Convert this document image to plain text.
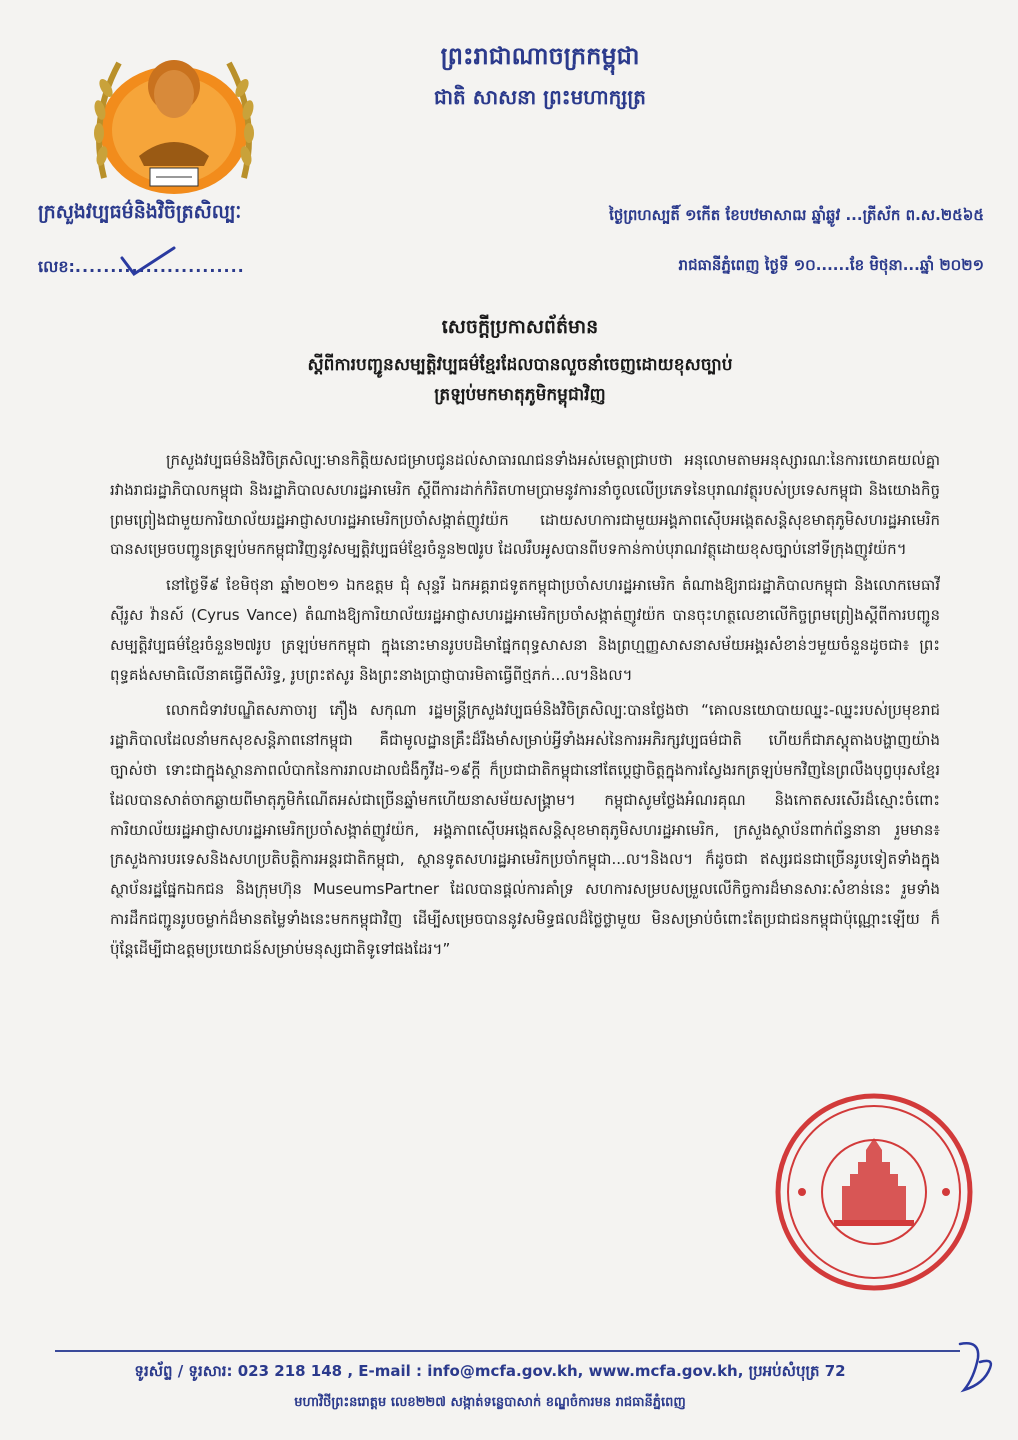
ព្រះរាជាណាចក្រកម្ពុជា
ជាតិ សាសនា ព្រះមហាក្សត្រ
ក្រសួងវប្បធម៌និងវិចិត្រសិល្បៈ
លេខ:........................
ថ្ងៃព្រហស្បតិ៍ ១កើត ខែបឋមាសាឍ ឆ្នាំឆ្លូវ ...ត្រីស័ក ព.ស.២៥៦៥
រាជធានីភ្នំពេញ ថ្ងៃទី ១០......ខែ មិថុនា...ឆ្នាំ ២០២១
សេចក្តីប្រកាសព័ត៌មាន
ស្តីពីការបញ្ជូនសម្បត្តិវប្បធម៌ខ្មែរដែលបានលួចនាំចេញដោយខុសច្បាប់
ត្រឡប់មកមាតុភូមិកម្ពុជាវិញ

ក្រសួងវប្បធម៌និងវិចិត្រសិល្បៈមានកិត្តិយសជម្រាបជូនដល់សាធារណជនទាំងអស់មេត្តាជ្រាបថា អនុលោមតាមអនុស្សារណៈនៃការយោគយល់គ្នារវាងរាជរដ្ឋាភិបាលកម្ពុជា និងរដ្ឋាភិបាលសហរដ្ឋអាមេរិក ស្តីពីការដាក់កំរិតហាមប្រាមនូវការនាំចូលលើប្រភេទនៃបុរាណវត្ថុរបស់ប្រទេសកម្ពុជា និងយោងកិច្ចព្រមព្រៀងជាមួយការិយាល័យរដ្ឋអាជ្ញាសហរដ្ឋអាមេរិកប្រចាំសង្កាត់ញូវយ៉ក ដោយសហការជាមួយអង្គភាពស៊ើបអង្កេតសន្តិសុខមាតុភូមិសហរដ្ឋអាមេរិក បានសម្រេចបញ្ជូនត្រឡប់មកកម្ពុជាវិញនូវសម្បត្តិវប្បធម៌ខ្មែរចំនួន២៧រូប ដែលរឹបអូសបានពីបទកាន់កាប់បុរាណវត្ថុដោយខុសច្បាប់នៅទីក្រុងញូវយ៉ក។

នៅថ្ងៃទី៩ ខែមិថុនា ឆ្នាំ២០២១ ឯកឧត្តម ជុំ សុន្ទរី ឯកអគ្គរាជទូតកម្ពុជាប្រចាំសហរដ្ឋអាមេរិក តំណាងឱ្យរាជរដ្ឋាភិបាលកម្ពុជា និងលោកមេធាវី ស៊ីរូស វ៉ានស៍ (Cyrus Vance) តំណាងឱ្យការិយាល័យរដ្ឋអាជ្ញាសហរដ្ឋអាមេរិកប្រចាំសង្កាត់ញូវយ៉ក បានចុះហត្ថលេខាលើកិច្ចព្រមព្រៀងស្តីពីការបញ្ជូនសម្បត្តិវប្បធម៌ខ្មែរចំនួន២៧រូប ត្រឡប់មកកម្ពុជា ក្នុងនោះមានរូបបដិមាផ្នែកពុទ្ធសាសនា និងព្រហ្មញ្ញសាសនាសម័យអង្គរសំខាន់ៗមួយចំនួនដូចជា៖ ព្រះពុទ្ធគង់សមាធិលើនាគធ្វើពីសំរិទ្ធ, រូបព្រះឥសូរ និងព្រះនាងប្រាជ្ញាបារមិតាធ្វើពីថ្មភក់...ល។និងល។

លោកជំទាវបណ្ឌិតសភាចារ្យ ភឿង សកុណា រដ្ឋមន្ត្រីក្រសួងវប្បធម៌និងវិចិត្រសិល្បៈបានថ្លែងថា “គោលនយោបាយឈ្នះ-ឈ្នះរបស់ប្រមុខរាជរដ្ឋាភិបាលដែលនាំមកសុខសន្តិភាពនៅកម្ពុជា គឺជាមូលដ្ឋានគ្រឹះដ៏រឹងមាំសម្រាប់អ្វីទាំងអស់នៃការអភិរក្សវប្បធម៌ជាតិ ហើយក៏ជាភស្តុតាងបង្ហាញយ៉ាងច្បាស់ថា ទោះជាក្នុងស្ថានភាពលំបាកនៃការរាលដាលជំងឺកូវីដ-១៩ក្តី ក៏ប្រជាជាតិកម្ពុជានៅតែប្តេជ្ញាចិត្តក្នុងការស្វែងរកត្រឡប់មកវិញនៃព្រលឹងបុព្វបុរសខ្មែរដែលបានសាត់ចាកឆ្ងាយពីមាតុភូមិកំណើតអស់ជាច្រើនឆ្នាំមកហើយនាសម័យសង្គ្រាម។ កម្ពុជាសូមថ្លែងអំណរគុណ និងកោតសរសើរដ៏ស្មោះចំពោះការិយាល័យរដ្ឋអាជ្ញាសហរដ្ឋអាមេរិកប្រចាំសង្កាត់ញូវយ៉ក, អង្គភាពស៊ើបអង្កេតសន្តិសុខមាតុភូមិសហរដ្ឋអាមេរិក, ក្រសួងស្ថាប័នពាក់ព័ន្ធនានា រួមមាន៖ ក្រសួងការបរទេសនិងសហប្រតិបត្តិការអន្តរជាតិកម្ពុជា, ស្ថានទូតសហរដ្ឋអាមេរិកប្រចាំកម្ពុជា...ល។និងល។ ក៏ដូចជា ឥស្សរជនជាច្រើនរូបទៀតទាំងក្នុងស្ថាប័នរដ្ឋផ្នែកឯកជន និងក្រុមហ៊ុន MuseumsPartner ដែលបានផ្តល់ការគាំទ្រ សហការសម្របសម្រួលលើកិច្ចការដ៏មានសារៈសំខាន់នេះ រួមទាំងការដឹកជញ្ជូនរូបចម្លាក់ដ៏មានតម្លៃទាំងនេះមកកម្ពុជាវិញ ដើម្បីសម្រេចបាននូវសមិទ្ធផលដ៏ថ្លៃថ្លាមួយ មិនសម្រាប់ចំពោះតែប្រជាជនកម្ពុជាប៉ុណ្ណោះឡើយ ក៏ប៉ុន្តែដើម្បីជាឧត្តមប្រយោជន៍សម្រាប់មនុស្សជាតិទូទៅផងដែរ។”

ទូរស័ព្ទ / ទូរសារ: 023 218 148 , E-mail : info@mcfa.gov.kh, www.mcfa.gov.kh, ប្រអប់សំបុត្រ 72
មហាវិថីព្រះនរោត្តម លេខ២២៧ សង្កាត់ទន្លេបាសាក់ ខណ្ឌចំការមន រាជធានីភ្នំពេញ
